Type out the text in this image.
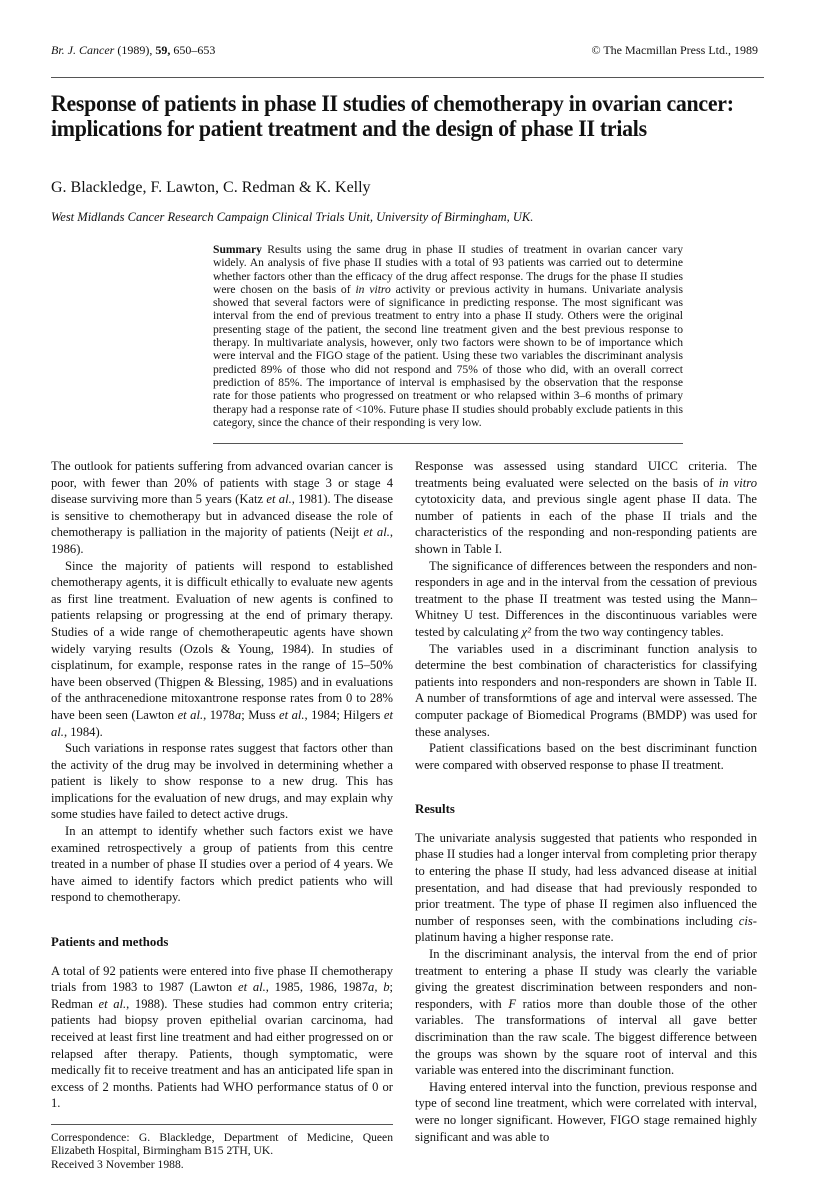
Br. J. Cancer (1989), 59, 650–653	© The Macmillan Press Ltd., 1989
Response of patients in phase II studies of chemotherapy in ovarian cancer: implications for patient treatment and the design of phase II trials
G. Blackledge, F. Lawton, C. Redman & K. Kelly
West Midlands Cancer Research Campaign Clinical Trials Unit, University of Birmingham, UK.
Summary Results using the same drug in phase II studies of treatment in ovarian cancer vary widely. An analysis of five phase II studies with a total of 93 patients was carried out to determine whether factors other than the efficacy of the drug affect response. The drugs for the phase II studies were chosen on the basis of in vitro activity or previous activity in humans. Univariate analysis showed that several factors were of significance in predicting response. The most significant was interval from the end of previous treatment to entry into a phase II study. Others were the original presenting stage of the patient, the second line treatment given and the best previous response to therapy. In multivariate analysis, however, only two factors were shown to be of importance which were interval and the FIGO stage of the patient. Using these two variables the discriminant analysis predicted 89% of those who did not respond and 75% of those who did, with an overall correct prediction of 85%. The importance of interval is emphasised by the observation that the response rate for those patients who progressed on treatment or who relapsed within 3–6 months of primary therapy had a response rate of <10%. Future phase II studies should probably exclude patients in this category, since the chance of their responding is very low.

The outlook for patients suffering from advanced ovarian cancer is poor, with fewer than 20% of patients with stage 3 or stage 4 disease surviving more than 5 years (Katz et al., 1981). The disease is sensitive to chemotherapy but in advanced disease the role of chemotherapy is palliation in the majority of patients (Neijt et al., 1986).

Since the majority of patients will respond to established chemotherapy agents, it is difficult ethically to evaluate new agents as first line treatment. Evaluation of new agents is confined to patients relapsing or progressing at the end of primary therapy. Studies of a wide range of chemotherapeutic agents have shown widely varying results (Ozols & Young, 1984). In studies of cisplatinum, for example, response rates in the range of 15–50% have been observed (Thigpen & Blessing, 1985) and in evaluations of the anthracenedione mitoxantrone response rates from 0 to 28% have been seen (Lawton et al., 1978a; Muss et al., 1984; Hilgers et al., 1984).

Such variations in response rates suggest that factors other than the activity of the drug may be involved in determining whether a patient is likely to show response to a new drug. This has implications for the evaluation of new drugs, and may explain why some studies have failed to detect active drugs.

In an attempt to identify whether such factors exist we have examined retrospectively a group of patients from this centre treated in a number of phase II studies over a period of 4 years. We have aimed to identify factors which predict patients who will respond to chemotherapy.

Patients and methods

A total of 92 patients were entered into five phase II chemotherapy trials from 1983 to 1987 (Lawton et al., 1985, 1986, 1987a, b; Redman et al., 1988). These studies had common entry criteria; patients had biopsy proven epithelial ovarian carcinoma, had received at least first line treatment and had either progressed on or relapsed after therapy. Patients, though symptomatic, were medically fit to receive treatment and has an anticipated life span in excess of 2 months. Patients had WHO performance status of 0 or 1.

Correspondence: G. Blackledge, Department of Medicine, Queen Elizabeth Hospital, Birmingham B15 2TH, UK.
Received 3 November 1988.

Response was assessed using standard UICC criteria. The treatments being evaluated were selected on the basis of in vitro cytotoxicity data, and previous single agent phase II data. The number of patients in each of the phase II trials and the characteristics of the responding and non-responding patients are shown in Table I.

The significance of differences between the responders and non-responders in age and in the interval from the cessation of previous treatment to the phase II treatment was tested using the Mann–Whitney U test. Differences in the discontinuous variables were tested by calculating χ² from the two way contingency tables.

The variables used in a discriminant function analysis to determine the best combination of characteristics for classifying patients into responders and non-responders are shown in Table II. A number of transformtions of age and interval were assessed. The computer package of Biomedical Programs (BMDP) was used for these analyses.

Patient classifications based on the best discriminant function were compared with observed response to phase II treatment.

Results

The univariate analysis suggested that patients who responded in phase II studies had a longer interval from completing prior therapy to entering the phase II study, had less advanced disease at initial presentation, and had disease that had previously responded to prior treatment. The type of phase II regimen also influenced the number of responses seen, with the combinations including cis-platinum having a higher response rate.

In the discriminant analysis, the interval from the end of prior treatment to entering a phase II study was clearly the variable giving the greatest discrimination between responders and non-responders, with F ratios more than double those of the other variables. The transformations of interval all gave better discrimination than the raw scale. The biggest difference between the groups was shown by the square root of interval and this variable was entered into the discriminant function.

Having entered interval into the function, previous response and type of second line treatment, which were correlated with interval, were no longer significant. However, FIGO stage remained highly significant and was able to
